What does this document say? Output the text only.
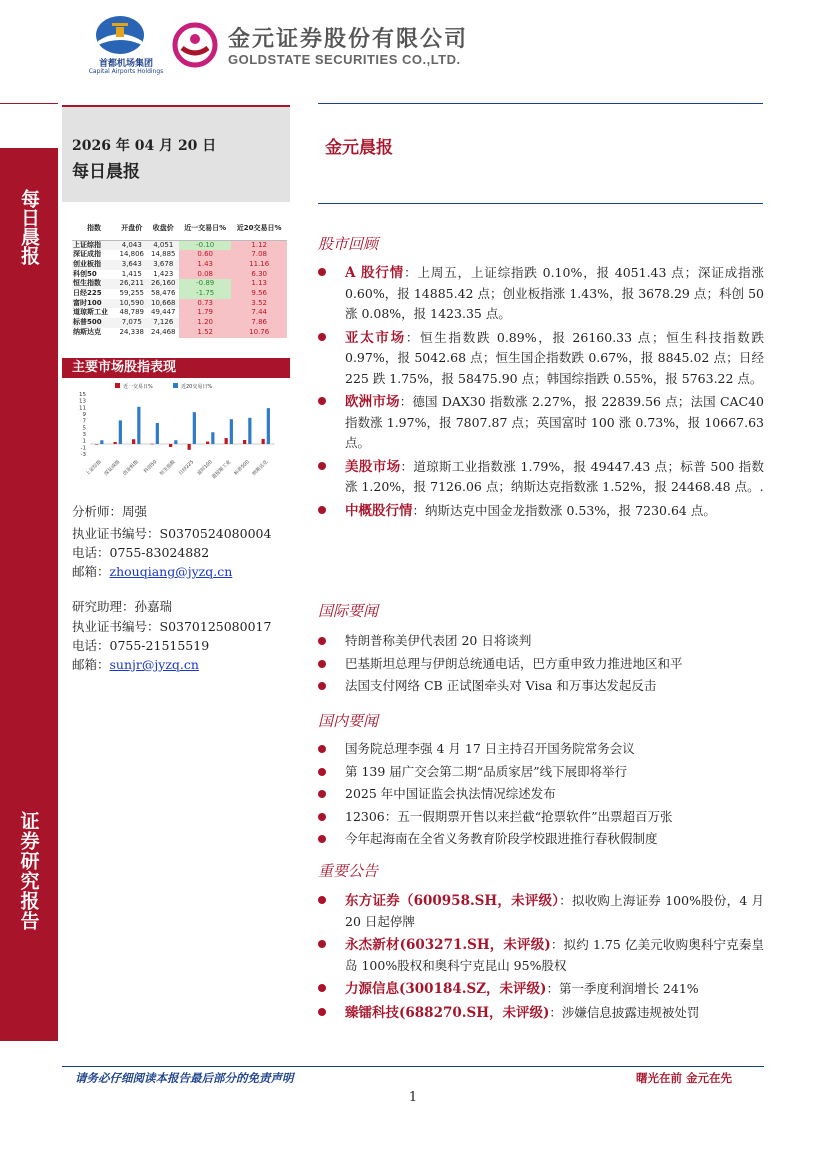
首都机场集团
Capital Airports Holdings
金元证券股份有限公司
GOLDSTATE SECURITIES CO.,LTD.
每日晨报
证券研究报告
2026 年 04 月 20 日
每日晨报
金元晨报
指数	开盘价	收盘价	近一交易日%	近20交易日%
上证综指	4,043	4,051	-0.10	1.12
深证成指	14,806	14,885	0.60	7.08
创业板指	3,643	3,678	1.43	11.16
科创50	1,415	1,423	0.08	6.30
恒生指数	26,211	26,160	-0.89	1.13
日经225	59,255	58,476	-1.75	9.56
富时100	10,590	10,668	0.73	3.52
道琼斯工业	48,789	49,447	1.79	7.44
标普500	7,075	7,126	1.20	7.86
纳斯达克	24,338	24,468	1.52	10.76
主要市场股指表现
近一交易日%	近20交易日%
15
13
11
9
7
5
3
1
-1
-3
上证综指 深证成指 创业板指 科创50 恒生指数 日经225 富时100
道琼斯工业 标普500 纳斯达克
分析师：周强
执业证书编号：S0370524080004
电话：0755-83024882
邮箱：zhouqiang@jyzq.cn
研究助理：孙嘉瑞
执业证书编号：S0370125080017
电话：0755-21515519
邮箱：sunjr@jyzq.cn
股市回顾
A 股行情：上周五，上证综指跌 0.10%，报 4051.43 点；深证成指涨 0.60%，报 14885.42 点；创业板指涨 1.43%，报 3678.29 点；科创 50 涨 0.08%，报 1423.35 点。
亚太市场：恒生指数跌 0.89%，报 26160.33 点；恒生科技指数跌 0.97%，报 5042.68 点；恒生国企指数跌 0.67%，报 8845.02 点；日经 225 跌 1.75%，报 58475.90 点；韩国综指跌 0.55%，报 5763.22 点。
欧洲市场：德国 DAX30 指数涨 2.27%，报 22839.56 点；法国 CAC40 指数涨 1.97%，报 7807.87 点；英国富时 100 涨 0.73%，报 10667.63 点。
美股市场：道琼斯工业指数涨 1.79%，报 49447.43 点；标普 500 指数涨 1.20%，报 7126.06 点；纳斯达克指数涨 1.52%，报 24468.48 点。.
中概股行情：纳斯达克中国金龙指数涨 0.53%，报 7230.64 点。
国际要闻
特朗普称美伊代表团 20 日将谈判
巴基斯坦总理与伊朗总统通电话，巴方重申致力推进地区和平
法国支付网络 CB 正试图牵头对 Visa 和万事达发起反击
国内要闻
国务院总理李强 4 月 17 日主持召开国务院常务会议
第 139 届广交会第二期“品质家居”线下展即将举行
2025 年中国证监会执法情况综述发布
12306：五一假期票开售以来拦截“抢票软件”出票超百万张
今年起海南在全省义务教育阶段学校跟进推行春秋假制度
重要公告
东方证券（600958.SH，未评级）：拟收购上海证券 100%股份，4 月 20 日起停牌
永杰新材(603271.SH，未评级)：拟约 1.75 亿美元收购奥科宁克秦皇岛 100%股权和奥科宁克昆山 95%股权
力源信息(300184.SZ，未评级)：第一季度利润增长 241%
臻镭科技(688270.SH，未评级)：涉嫌信息披露违规被处罚
请务必仔细阅读本报告最后部分的免责声明	曙光在前 金元在先
1
